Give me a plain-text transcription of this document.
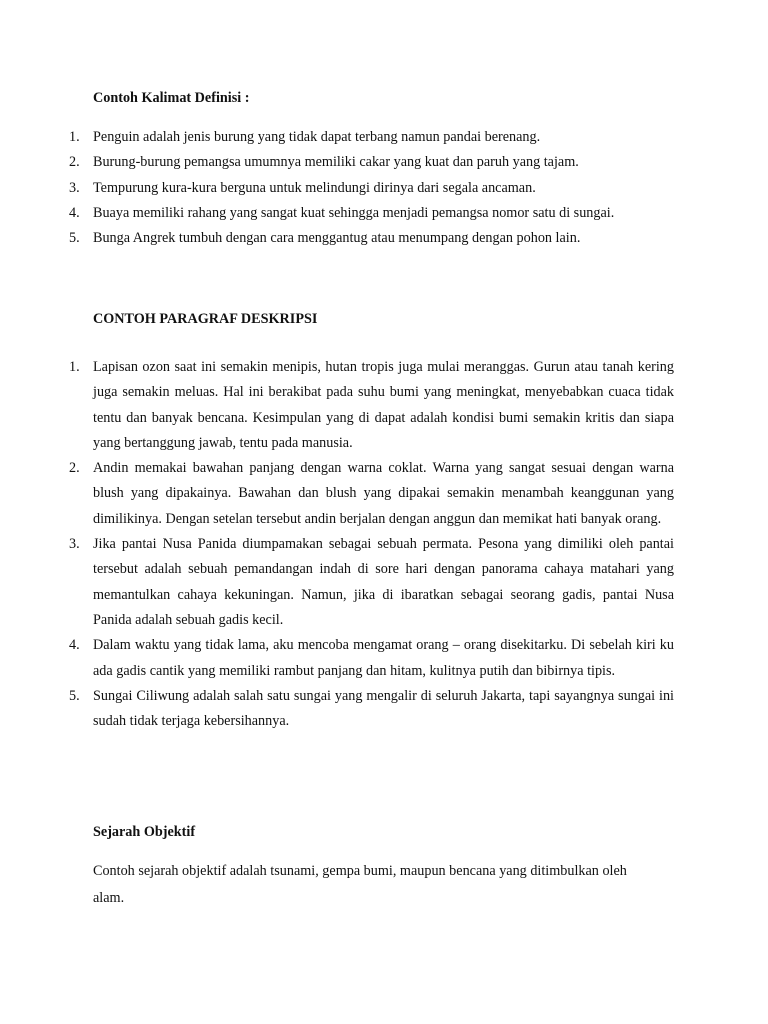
Contoh Kalimat Definisi :
1. Penguin adalah jenis burung yang tidak dapat terbang namun pandai berenang.
2. Burung-burung pemangsa umumnya memiliki cakar yang kuat dan paruh yang tajam.
3. Tempurung kura-kura berguna untuk melindungi dirinya dari segala ancaman.
4. Buaya memiliki rahang yang sangat kuat sehingga menjadi pemangsa nomor satu di sungai.
5. Bunga Angrek tumbuh dengan cara menggantug atau menumpang dengan pohon lain.
CONTOH PARAGRAF DESKRIPSI
1. Lapisan ozon saat ini semakin menipis, hutan tropis juga mulai meranggas. Gurun atau tanah kering juga semakin meluas. Hal ini berakibat pada suhu bumi yang meningkat, menyebabkan cuaca tidak tentu dan banyak bencana. Kesimpulan yang di dapat adalah kondisi bumi semakin kritis dan siapa yang bertanggung jawab, tentu pada manusia.
2. Andin memakai bawahan panjang dengan warna coklat. Warna yang sangat sesuai dengan warna blush yang dipakainya. Bawahan dan blush yang dipakai semakin menambah keanggunan yang dimilikinya. Dengan setelan tersebut andin berjalan dengan anggun dan memikat hati banyak orang.
3. Jika pantai Nusa Panida diumpamakan sebagai sebuah permata. Pesona yang dimiliki oleh pantai tersebut adalah sebuah pemandangan indah di sore hari dengan panorama cahaya matahari yang memantulkan cahaya kekuningan. Namun, jika di ibaratkan sebagai seorang gadis, pantai Nusa Panida adalah sebuah gadis kecil.
4. Dalam waktu yang tidak lama, aku mencoba mengamat orang – orang disekitarku. Di sebelah kiri ku ada gadis cantik yang memiliki rambut panjang dan hitam, kulitnya putih dan bibirnya tipis.
5. Sungai Ciliwung adalah salah satu sungai yang mengalir di seluruh Jakarta, tapi sayangnya sungai ini sudah tidak terjaga kebersihannya.
Sejarah Objektif
Contoh sejarah objektif adalah tsunami, gempa bumi, maupun bencana yang ditimbulkan oleh alam.
